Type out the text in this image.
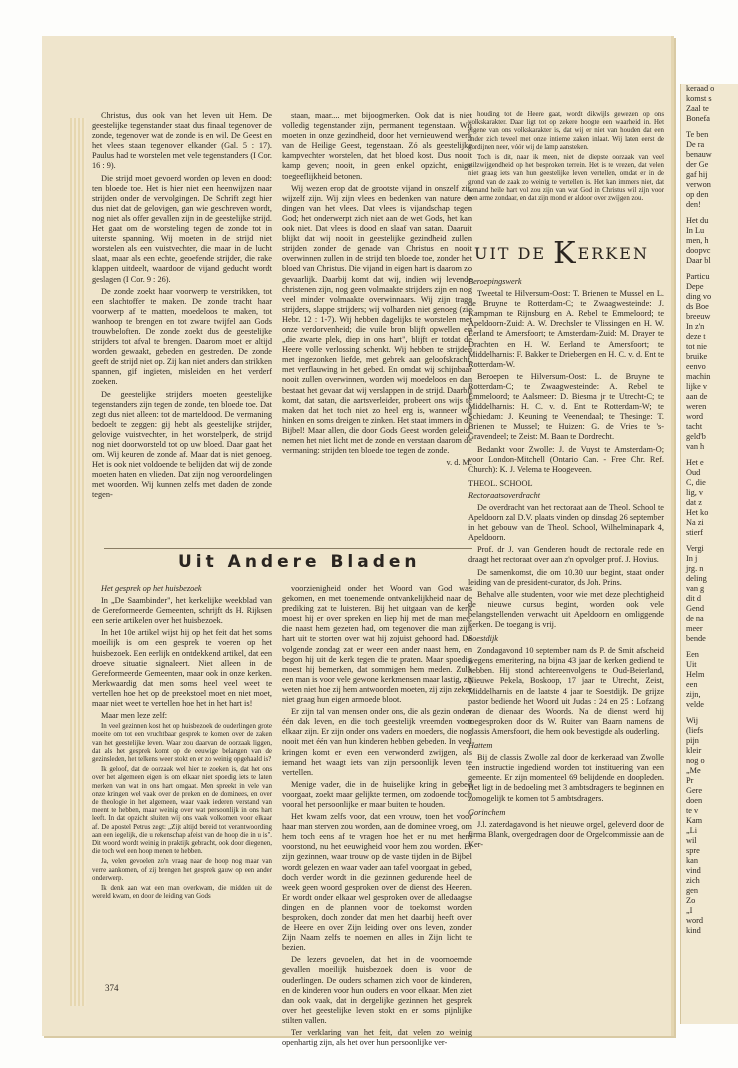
keraad o
komst s
Zaal te
Bonefa
Te ben
De ra
benauw
der Ge
gaf hij
verwon
op den
den!
Het du
In Lu
men, h
doopvc
Daar bl
Particu
Depe
ding vo
ds Boe
breeuw
In z'n
deze t
tot nie
bruike
eenvo
machin
lijke v
aan de
weren
word
tacht
geld'b
van h
Het e
Oud
C, die
lig, v
dat z
Het ko
Na zi
stierf
Vergi
In j
jrg. n
deling
van g
dit d
Gend
de na
meer
bende
Een
Uit
Helm
een
zijn,
velde
Wij
(liefs
pijn
kleir
nog o
„Me
Pr
Gere
doen
te v
Kam
„Li
wil
spre
kan
vind
zich
gen
Zo
„I
word
kind

Christus, dus ook van het leven uit Hem. De geestelijke tegenstander staat dus finaal tegenover de zonde, tegenover wat de zonde is en wil. De Geest en het vlees staan tegenover elkander (Gal. 5 : 17). Paulus had te worstelen met vele tegenstanders (I Cor. 16 : 9).

Die strijd moet gevoerd worden op leven en dood: ten bloede toe. Het is hier niet een heenwijzen naar strijden onder de vervolgingen. De Schrift zegt hier dus niet dat de gelovigen, gan wie geschreven wordt, nog niet als offer gevallen zijn in de geestelijke strijd. Het gaat om de worsteling tegen de zonde tot in uiterste spanning. Wij moeten in de strijd niet worstelen als een vuistvechter, die maar in de lucht slaat, maar als een echte, geoefende strijder, die rake klappen uitdeelt, waardoor de vijand geducht wordt geslagen (I Cor. 9 : 26).

De zonde zoekt haar voorwerp te verstrikken, tot een slachtoffer te maken. De zonde tracht haar voorwerp af te matten, moedeloos te maken, tot wanhoop te brengen en tot zware twijfel aan Gods trouwbeloften. De zonde zoekt dus de geestelijke strijders tot afval te brengen. Daarom moet er altijd worden gewaakt, gebeden en gestreden. De zonde geeft de strijd niet op. Zij kan niet anders dan strikken spannen, gif ingieten, misleiden en het verderf zoeken.

De geestelijke strijders moeten geestelijke tegenstanders zijn tegen de zonde, ten bloede toe. Dat zegt dus niet alleen: tot de marteldood. De vermaning bedoelt te zeggen: gij hebt als geestelijke strijder, gelovige vuistvechter, in het worstelperk, de strijd nog niet doorworsteld tot op uw bloed. Daar gaat het om. Wij keuren de zonde af. Maar dat is niet genoeg. Het is ook niet voldoende te belijden dat wij de zonde moeten haten en vlieden. Dat zijn nog veroordelingen met woorden. Wij kunnen zelfs met daden de zonde tegen-

staan, maar.... met bijoogmerken. Ook dat is niet volledig tegenstander zijn, permanent tegenstaan. Wij moeten in onze gezindheid, door het vernieuwend werk van de Heilige Geest, tegenstaan. Zó als geestelijke kampvechter worstelen, dat het bloed kost. Dus nooit kamp geven; nooit, in geen enkel opzicht, enige toegeeflijkheid betonen.

Wij wezen erop dat de grootste vijand in onszelf zit, wijzelf zijn. Wij zijn vlees en bedenken van nature de dingen van het vlees. Dat vlees is vijandschap tegen God; het onderwerpt zich niet aan de wet Gods, het kan ook niet. Dat vlees is dood en slaaf van satan. Daaruit blijkt dat wij nooit in geestelijke gezindheid zullen strijden zonder de genade van Christus en nooit overwinnen zullen in de strijd ten bloede toe, zonder het bloed van Christus. Die vijand in eigen hart is daarom zo gevaarlijk. Daarbij komt dat wij, indien wij levende christenen zijn, nog geen volmaakte strijders zijn en nog veel minder volmaakte overwinnaars. Wij zijn trage strijders, slappe strijders; wij volharden niet genoeg (zie Hebr. 12 : 1-7). Wij hebben dagelijks te worstelen met onze verdorvenheid; die vuile bron blijft opwellen en „die zwarte plek, diep in ons hart", blijft er totdat de Heere volle verlossing schenkt. Wij hebben te strijden met ingezonken liefde, met gebrek aan geloofskracht, met verflauwing in het gebed. En omdat wij schijnbaar nooit zullen overwinnen, worden wij moedeloos en dan bestaat het gevaar dat wij verslappen in de strijd. Daarbij komt, dat satan, die aartsverleider, probeert ons wijs te maken dat het toch niet zo heel erg is, wanneer wij hinken en soms dreigen te zinken. Het staat immers in de Bijbel! Maar allen, die door Gods Geest worden geleid, nemen het niet licht met de zonde en verstaan daarom de vermaning: strijden ten bloede toe tegen de zonde.

v. d. M.

Uit Andere Bladen

Het gesprek op het huisbezoek

In „De Saambinder", het kerkelijke weekblad van de Gereformeerde Gemeenten, schrijft ds H. Rijksen een serie artikelen over het huisbezoek.

In het 10e artikel wijst hij op het feit dat het soms moeilijk is om een gesprek te voeren op het huisbezoek. Een eerlijk en ontdekkend artikel, dat een droeve situatie signaleert. Niet alleen in de Gereformeerde Gemeenten, maar ook in onze kerken. Merkwaardig dat men soms heel veel weet te vertellen hoe het op de preekstoel moet en niet moet, maar niet weet te vertellen hoe het in het hart is!

Maar men leze zelf:

In veel gezinnen kost het op huisbezoek de ouderlingen grote moeite om tot een vruchtbaar gesprek te komen over de zaken van het geestelijke leven. Waar zou daarvan de oorzaak liggen, dat als het gesprek komt op de eeuwige belangen van de gezinsleden, het telkens weer stokt en er zo weinig opgehaald is?

Ik geloof, dat de oorzaak wel hier te zoeken is, dat het ons over het algemeen eigen is om elkaar niet spoedig iets te laten merken van wat in ons hart omgaat. Men spreekt in vele van onze kringen wel vaak over de preken en de dominees, en over de theologie in het algemeen, waar vaak iederen verstand van meent te hebben, maar weinig over wat persoonlijk in ons hart leeft. In dat opzicht sluiten wij ons vaak volkomen voor elkaar af. De apostel Petrus zegt: „Zijt altijd bereid tot verantwoording aan een iegelijk, die u rekenschap afeist van de hoop die in u is". Dit woord wordt weinig in praktijk gebracht, ook door diegenen, die toch wel een hoop menen te hebben.

Ja, velen gevoelen zo'n vraag naar de hoop nog maar van verre aankomen, of zij brengen het gesprek gauw op een ander onderwerp.

Ik denk aan wat een man overkwam, die midden uit de wereld kwam, en door de leiding van Gods

voorzienigheid onder het Woord van God was gekomen, en met toenemende ontvankelijkheid naar de prediking zat te luisteren. Bij het uitgaan van de kerk moest hij er over spreken en liep hij met de man mee, die naast hem gezeten had, om tegenover die man zijn hart uit te storten over wat hij zojuist gehoord had. De volgende zondag zat er weer een ander naast hem, en begon hij uit de kerk tegen die te praten. Maar spoedig moest hij bemerken, dat sommigen hem meden. Zulk een man is voor vele gewone kerkmensen maar lastig, zij weten niet hoe zij hem antwoorden moeten, zij zijn zeker niet graag hun eigen armoede bloot.

Er zijn tal van mensen onder ons, die als gezin onder één dak leven, en die toch geestelijk vreemden voor elkaar zijn. Er zijn onder ons vaders en moeders, die nog nooit met één van hun kinderen hebben gebeden. In veel kringen komt er even een verwonderd zwijgen, als iemand het waagt iets van zijn persoonlijk leven te vertellen.

Menige vader, die in de huiselijke kring in gebed voorgaat, zoekt maar gelijkte termen, om zodoende toch vooral het persoonlijke er maar buiten te houden.

Het kwam zelfs voor, dat een vrouw, toen het voor haar man sterven zou worden, aan de dominee vroeg, om hem toch eens af te vragen hoe het er nu met hem voorstond, nu het eeuwigheid voor hem zou worden. Er zijn gezinnen, waar trouw op de vaste tijden in de Bijbel wordt gelezen en waar vader aan tafel voorgaat in gebed, doch verder wordt in die gezinnen gedurende heel de week geen woord gesproken over de dienst des Heeren. Er wordt onder elkaar wel gesproken over de alledaagse dingen en de plannen voor de toekomst worden besproken, doch zonder dat men het daarbij heeft over de Heere en over Zijn leiding over ons leven, zonder Zijn Naam zelfs te noemen en alles in Zijn licht te bezien.

De lezers gevoelen, dat het in de voornoemde gevallen moeilijk huisbezoek doen is voor de ouderlingen. De ouders schamen zich voor de kinderen, en de kinderen voor hun ouders en voor elkaar. Men ziet dan ook vaak, dat in dergelijke gezinnen het gesprek over het geestelijke leven stokt en er soms pijnlijke stilten vallen.

Ter verklaring van het feit, dat velen zo weinig openhartig zijn, als het over hun persoonlijke ver-

houding tot de Heere gaat, wordt dikwijls gewezen op ons volkskarakter. Daar ligt tot op zekere hoogte een waarheid in. Het eigene van ons volkskarakter is, dat wij er niet van houden dat een ander zich teveel met onze intieme zaken inlaat. Wij laten eerst de gordijnen neer, vóór wij de lamp aansteken.

Toch is dit, naar ik meen, niet de diepste oorzaak van veel stilzwijgendheid op het besproken terrein. Het is te vrezen, dat velen niet graag iets van hun geestelijke leven vertellen, omdat er in de grond van de zaak zo weinig te vertellen is. Het kan immers niet, dat iemand heile hart vol zou zijn van wat God in Christus wil zijn voor een arme zondaar, en dat zijn mond er aldoor over zwijgen zou.

UIT DE KERKEN

Beroepingswerk

Tweetal te Hilversum-Oost: T. Brienen te Mussel en L. de Bruyne te Rotterdam-C; te Zwaagwesteinde: J. Kampman te Rijnsburg en A. Rebel te Emmeloord; te Apeldoorn-Zuid: A. W. Drechsler te Vlissingen en H. W. Eerland te Amersfoort; te Amsterdam-Zuid: M. Drayer te Drachten en H. W. Eerland te Amersfoort; te Middelharnis: F. Bakker te Driebergen en H. C. v. d. Ent te Rotterdam-W.

Beroepen te Hilversum-Oost: L. de Bruyne te Rotterdam-C; te Zwaagwesteinde: A. Rebel te Emmeloord; te Aalsmeer: D. Biesma jr te Utrecht-C; te Middelharnis: H. C. v. d. Ent te Rotterdam-W; te Schiedam: J. Keuning te Veenendaal; te Thesinge: T. Brienen te Mussel; te Huizen: G. de Vries te 's-Gravendeel; te Zeist: M. Baan te Dordrecht.

Bedankt voor Zwolle: J. de Vuyst te Amsterdam-O; voor London-Mitchell (Ontario Can. - Free Chr. Ref. Church): K. J. Velema te Hoogeveen.

THEOL. SCHOOL

Rectoraatsoverdracht

De overdracht van het rectoraat aan de Theol. School te Apeldoorn zal D.V. plaats vinden op dinsdag 26 september in het gebouw van de Theol. School, Wilhelminapark 4, Apeldoorn.

Prof. dr J. van Genderen houdt de rectorale rede en draagt het rectoraat over aan z'n opvolger prof. J. Hovius.

De samenkomst, die om 10.30 uur begint, staat onder leiding van de president-curator, ds Joh. Prins.

Behalve alle studenten, voor wie met deze plechtigheid de nieuwe cursus begint, worden ook vele belangstellenden verwacht uit Apeldoorn en omliggende kerken. De toegang is vrij.

Soestdijk

Zondagavond 10 september nam ds P. de Smit afscheid wegens emeritering, na bijna 43 jaar de kerken gediend te hebben. Hij stond achtereenvolgens te Oud-Beierland, Nieuwe Pekela, Boskoop, 17 jaar te Utrecht, Zeist, Middelharnis en de laatste 4 jaar te Soestdijk. De grijze pastor bediende het Woord uit Judas : 24 en 25 : Lofzang van de dienaar des Woords. Na de dienst werd hij toegesproken door ds W. Ruiter van Baarn namens de classis Amersfoort, die hem ook bevestigde als ouderling.

Hattem

Bij de classis Zwolle zal door de kerkeraad van Zwolle een instructie ingediend worden tot instituering van een gemeente. Er zijn momenteel 69 belijdende en doopleden. Het ligt in de bedoeling met 3 ambtsdragers te beginnen en zomogelijk te komen tot 5 ambtsdragers.

Gorinchem

J.l. zaterdagavond is het nieuwe orgel, geleverd door de firma Blank, overgedragen door de Orgelcommissie aan de Ker-

374
